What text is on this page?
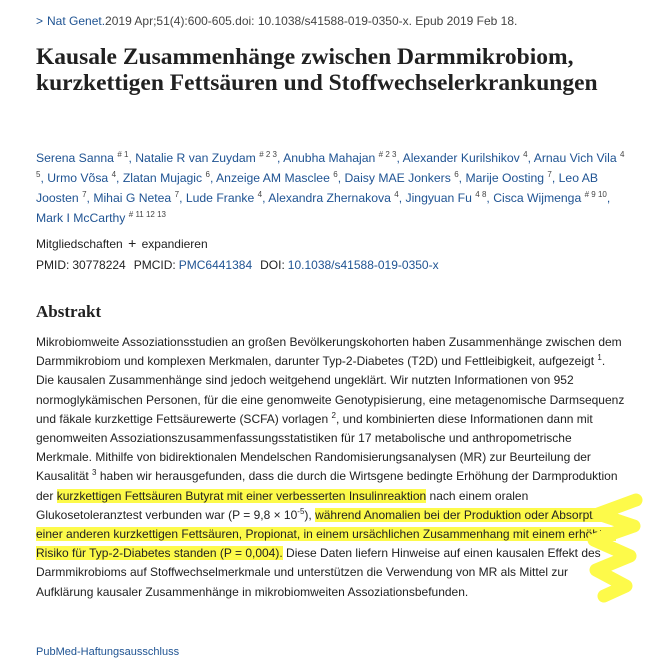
> Nat Genet.2019 Apr;51(4):600-605.doi: 10.1038/s41588-019-0350-x. Epub 2019 Feb 18.
Kausale Zusammenhänge zwischen Darmmikrobiom, kurzkettigen Fettsäuren und Stoffwechselerkrankungen
Serena Sanna $^{\# 1}$, Natalie R van Zuydam $^{\# 2 3}$, Anubha Mahajan $^{\# 2 3}$, Alexander Kurilshikov $^4$, Arnau Vich Vila $^{4 5}$, Urmo Võsa $^4$, Zlatan Mujagic $^6$, Anzeige AM Masclee $^6$, Daisy MAE Jonkers $^6$, Marije Oosting $^7$, Leo AB Joosten $^7$, Mihai G Netea $^7$, Lude Franke $^4$, Alexandra Zhernakova $^4$, Jingyuan Fu $^{4 8}$, Cisca Wijmenga $^{\# 9 10}$, Mark I McCarthy $^{\# 11 12 13}$
Mitgliedschaften + expandieren
PMID: 30778224 PMCID: PMC6441384 DOI: 10.1038/s41588-019-0350-x
Abstrakt
Mikrobiomweite Assoziationsstudien an großen Bevölkerungskohorten haben Zusammenhänge zwischen dem Darmmikrobiom und komplexen Merkmalen, darunter Typ-2-Diabetes (T2D) und Fettleibigkeit, aufgezeigt $^1$. Die kausalen Zusammenhänge sind jedoch weitgehend ungeklärt. Wir nutzten Informationen von 952 normoglykämischen Personen, für die eine genomweite Genotypisierung, eine metagenomische Darmsequenz und fäkale kurzkettige Fettsäurewerte (SCFA) vorlagen $^2$, und kombinierten diese Informationen dann mit genomweiten Assoziationszusammenfassungsstatistiken für 17 metabolische und anthropometrische Merkmale. Mithilfe von bidirektionalen Mendelschen Randomisierungsanalysen (MR) zur Beurteilung der Kausalität $^3$ haben wir herausgefunden, dass die durch die Wirtsgene bedingte Erhöhung der Darmproduktion der kurzkettigen Fettsäuren Butyrat mit einer verbesserten Insulinreaktion nach einem oralen Glukosetoleranztest verbunden war $(P = 9,8 \times 10^{-5})$, während Anomalien bei der Produktion oder Absorption einer anderen kurzkettigen Fettsäuren, Propionat, in einem ursächlichen Zusammenhang mit einem erhöhten Risiko für Typ-2-Diabetes standen (P = 0,004). Diese Daten liefern Hinweise auf einen kausalen Effekt des Darmmikrobioms auf Stoffwechselmerkmale und unterstützen die Verwendung von MR als Mittel zur Aufklärung kausaler Zusammenhänge in mikrobiomweiten Assoziationsbefunden.
PubMed-Haftungsausschluss
